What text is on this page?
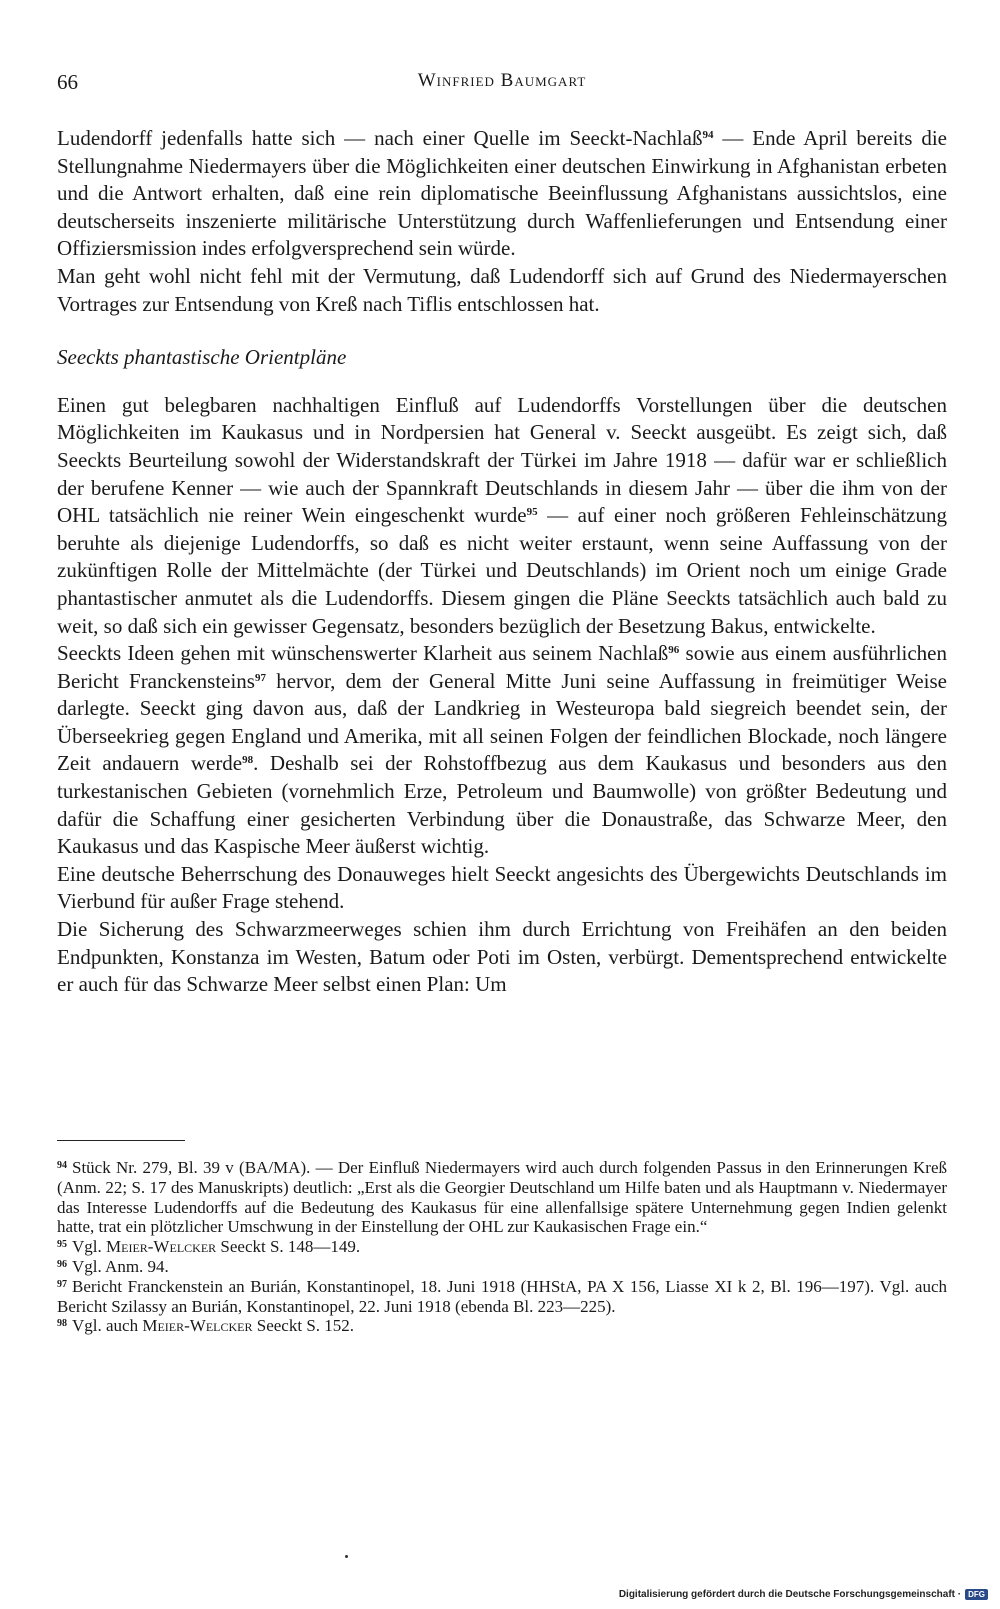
66	Winfried Baumgart

Ludendorff jedenfalls hatte sich — nach einer Quelle im Seeckt-Nachlaß$^{94}$ — Ende April bereits die Stellungnahme Niedermayers über die Möglichkeiten einer deutschen Einwirkung in Afghanistan erbeten und die Antwort erhalten, daß eine rein diplomatische Beeinflussung Afghanistans aussichtslos, eine deutscherseits inszenierte militärische Unterstützung durch Waffenlieferungen und Entsendung einer Offiziersmission indes erfolgversprechend sein würde.

Man geht wohl nicht fehl mit der Vermutung, daß Ludendorff sich auf Grund des Niedermayerschen Vortrages zur Entsendung von Kreß nach Tiflis entschlossen hat.

Seeckts phantastische Orientpläne

Einen gut belegbaren nachhaltigen Einfluß auf Ludendorffs Vorstellungen über die deutschen Möglichkeiten im Kaukasus und in Nordpersien hat General v. Seeckt ausgeübt. Es zeigt sich, daß Seeckts Beurteilung sowohl der Widerstandskraft der Türkei im Jahre 1918 — dafür war er schließlich der berufene Kenner — wie auch der Spannkraft Deutschlands in diesem Jahr — über die ihm von der OHL tatsächlich nie reiner Wein eingeschenkt wurde$^{95}$ — auf einer noch größeren Fehleinschätzung beruhte als diejenige Ludendorffs, so daß es nicht weiter erstaunt, wenn seine Auffassung von der zukünftigen Rolle der Mittelmächte (der Türkei und Deutschlands) im Orient noch um einige Grade phantastischer anmutet als die Ludendorffs. Diesem gingen die Pläne Seeckts tatsächlich auch bald zu weit, so daß sich ein gewisser Gegensatz, besonders bezüglich der Besetzung Bakus, entwickelte.

Seeckts Ideen gehen mit wünschenswerter Klarheit aus seinem Nachlaß$^{96}$ sowie aus einem ausführlichen Bericht Franckensteins$^{97}$ hervor, dem der General Mitte Juni seine Auffassung in freimütiger Weise darlegte. Seeckt ging davon aus, daß der Landkrieg in Westeuropa bald siegreich beendet sein, der Überseekrieg gegen England und Amerika, mit all seinen Folgen der feindlichen Blockade, noch längere Zeit andauern werde$^{98}$. Deshalb sei der Rohstoffbezug aus dem Kaukasus und besonders aus den turkestanischen Gebieten (vornehmlich Erze, Petroleum und Baumwolle) von größter Bedeutung und dafür die Schaffung einer gesicherten Verbindung über die Donaustraße, das Schwarze Meer, den Kaukasus und das Kaspische Meer äußerst wichtig.

Eine deutsche Beherrschung des Donauweges hielt Seeckt angesichts des Übergewichts Deutschlands im Vierbund für außer Frage stehend.

Die Sicherung des Schwarzmeerweges schien ihm durch Errichtung von Freihäfen an den beiden Endpunkten, Konstanza im Westen, Batum oder Poti im Osten, verbürgt. Dementsprechend entwickelte er auch für das Schwarze Meer selbst einen Plan: Um

$^{94}$ Stück Nr. 279, Bl. 39 v (BA/MA). — Der Einfluß Niedermayers wird auch durch folgenden Passus in den Erinnerungen Kreß (Anm. 22; S. 17 des Manuskripts) deutlich: „Erst als die Georgier Deutschland um Hilfe baten und als Hauptmann v. Niedermayer das Interesse Ludendorffs auf die Bedeutung des Kaukasus für eine allenfallsige spätere Unternehmung gegen Indien gelenkt hatte, trat ein plötzlicher Umschwung in der Einstellung der OHL zur Kaukasischen Frage ein.“

$^{95}$ Vgl. Meier-Welcker Seeckt S. 148—149.

$^{96}$ Vgl. Anm. 94.

$^{97}$ Bericht Franckenstein an Burián, Konstantinopel, 18. Juni 1918 (HHStA, PA X 156, Liasse XI k 2, Bl. 196—197). Vgl. auch Bericht Szilassy an Burián, Konstantinopel, 22. Juni 1918 (ebenda Bl. 223—225).

$^{98}$ Vgl. auch Meier-Welcker Seeckt S. 152.

Digitalisierung gefördert durch die Deutsche Forschungsgemeinschaft · DFG
